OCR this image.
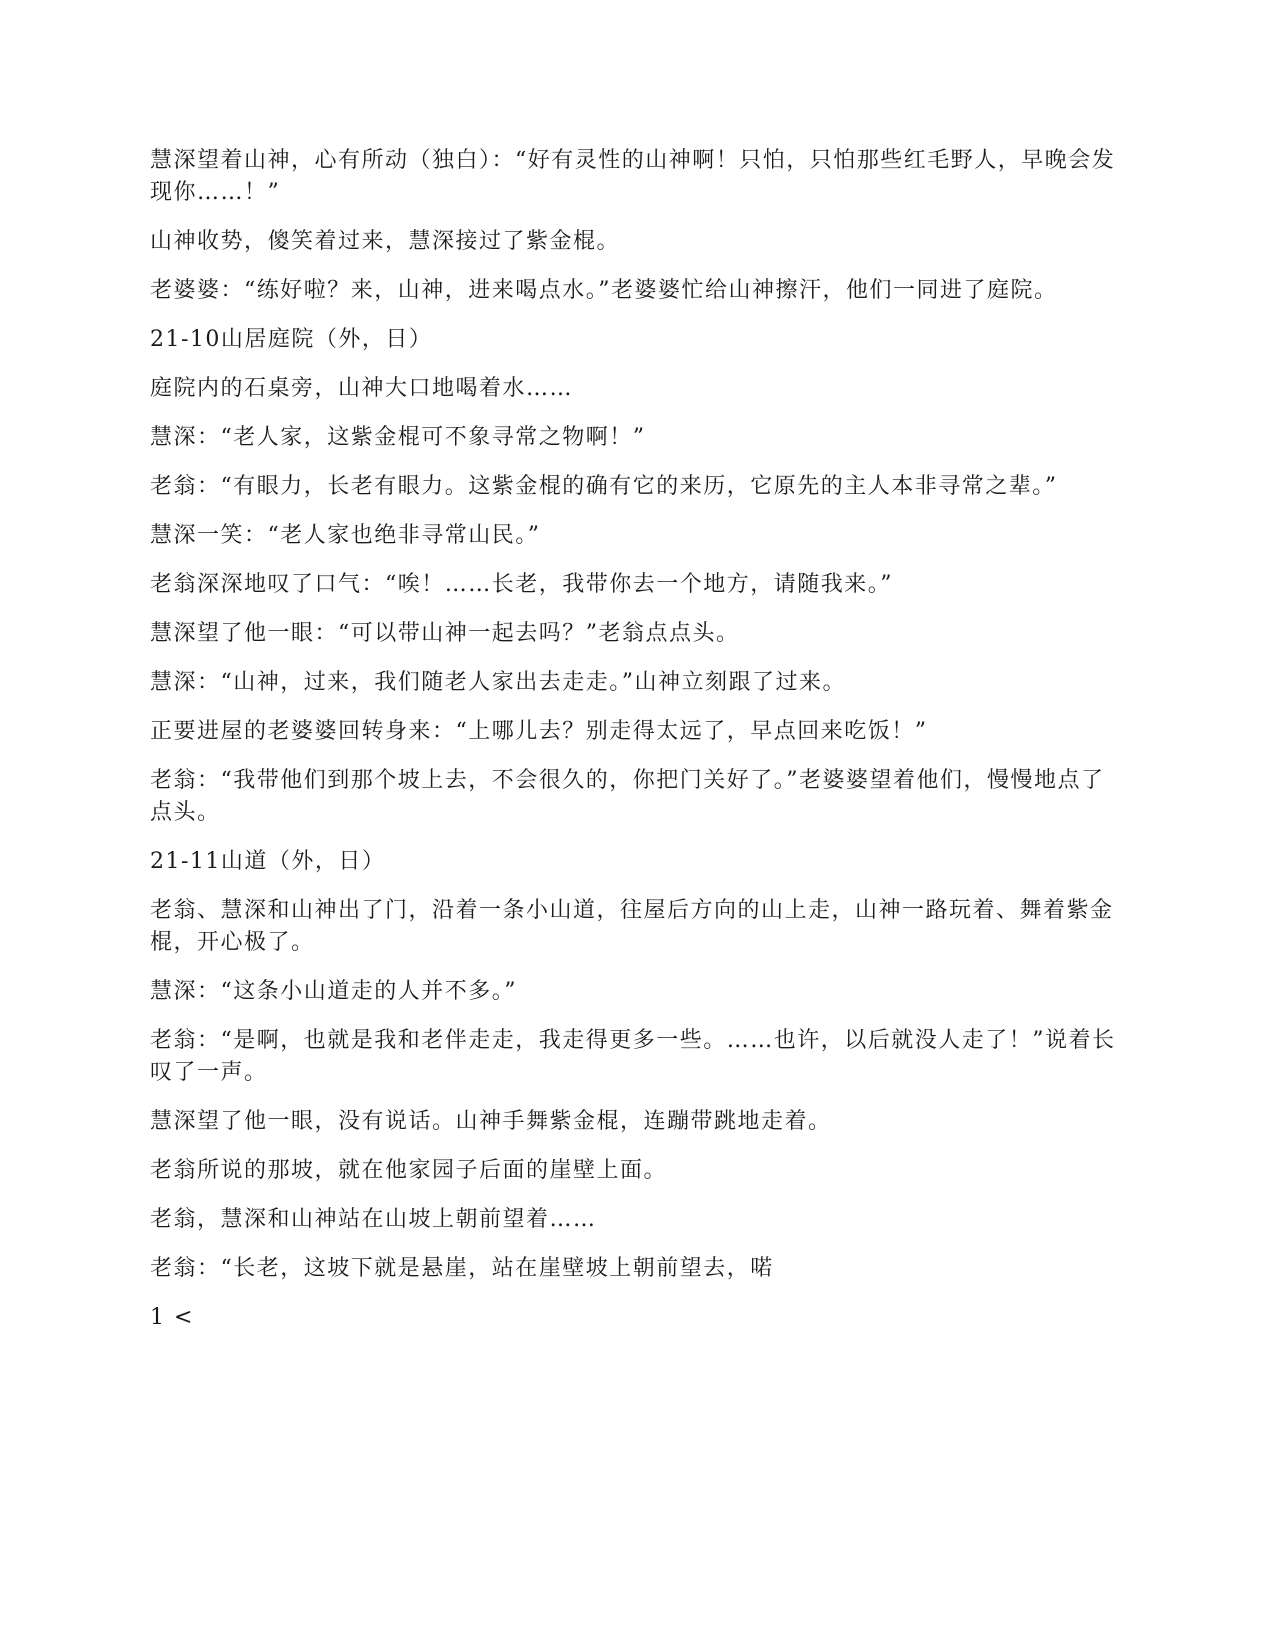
慧深望着山神，心有所动（独白）：“好有灵性的山神啊！只怕，只怕那些红毛野人，早晚会发现你……！”

山神收势，傻笑着过来，慧深接过了紫金棍。

老婆婆：“练好啦？来，山神，进来喝点水。”老婆婆忙给山神擦汗，他们一同进了庭院。

21-10山居庭院（外，日）

庭院内的石桌旁，山神大口地喝着水……

慧深：“老人家，这紫金棍可不象寻常之物啊！”

老翁：“有眼力，长老有眼力。这紫金棍的确有它的来历，它原先的主人本非寻常之辈。”

慧深一笑：“老人家也绝非寻常山民。”

老翁深深地叹了口气：“唉！……长老，我带你去一个地方，请随我来。”

慧深望了他一眼：“可以带山神一起去吗？”老翁点点头。

慧深：“山神，过来，我们随老人家出去走走。”山神立刻跟了过来。

正要进屋的老婆婆回转身来：“上哪儿去？别走得太远了，早点回来吃饭！”

老翁：“我带他们到那个坡上去，不会很久的，你把门关好了。”老婆婆望着他们，慢慢地点了点头。

21-11山道（外，日）

老翁、慧深和山神出了门，沿着一条小山道，往屋后方向的山上走，山神一路玩着、舞着紫金棍，开心极了。

慧深：“这条小山道走的人并不多。”

老翁：“是啊，也就是我和老伴走走，我走得更多一些。……也许，以后就没人走了！”说着长叹了一声。

慧深望了他一眼，没有说话。山神手舞紫金棍，连蹦带跳地走着。

老翁所说的那坡，就在他家园子后面的崖壁上面。

老翁，慧深和山神站在山坡上朝前望着……

老翁：“长老，这坡下就是悬崖，站在崖壁坡上朝前望去，喏

1 <
